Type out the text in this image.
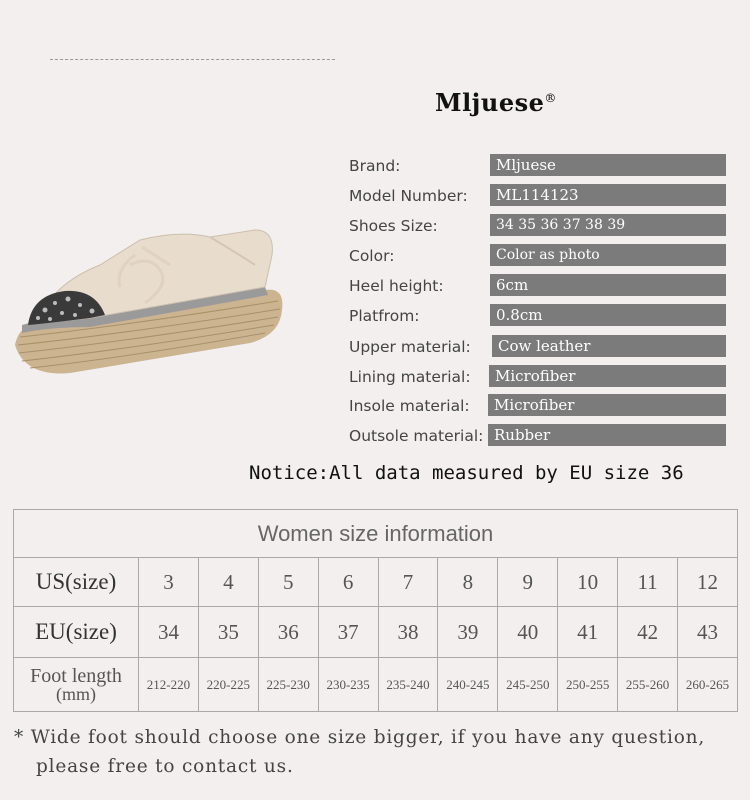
Mljuese®
Brand:	Mljuese
Model Number:	ML114123
Shoes Size:	34 35 36 37 38 39
Color:	Color as photo
Heel height:	6cm
Platfrom:	0.8cm
Upper material:	Cow leather
Lining material:	Microfiber
Insole material:	Microfiber
Outsole material: Rubber
Notice:All data measured by EU size 36
Women size information										
US(size)	3	4	5	6	7	8	9	10	11	12
EU(size)	34	35	36	37	38	39	40	41	42	43
Foot length
(mm)	212-220	220-225	225-230	230-235	235-240	240-245	245-250	250-255	255-260	260-265
* Wide foot should choose one size bigger, if you have any question,
please free to contact us.
